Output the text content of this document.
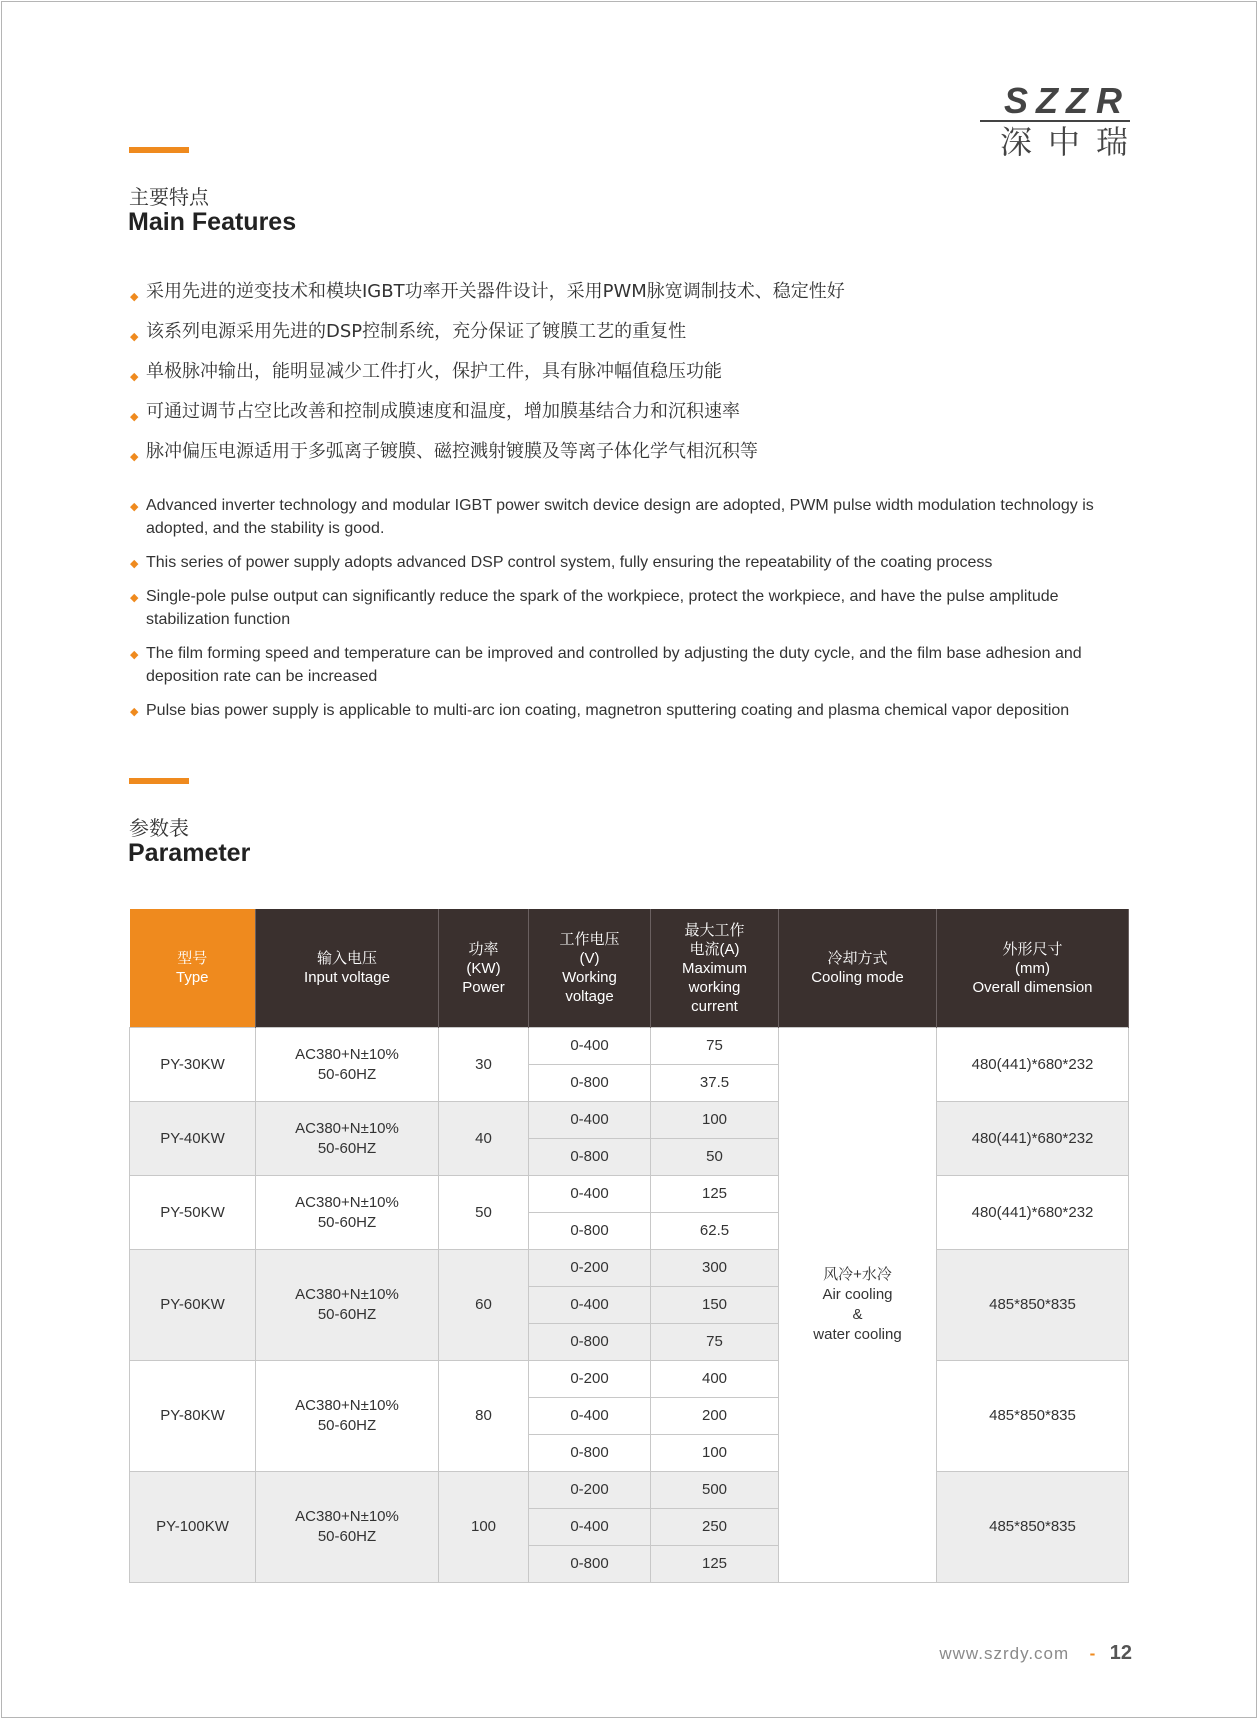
SZZR
深中瑞
主要特点
Main Features
◆ 采用先进的逆变技术和模块IGBT功率开关器件设计，采用PWM脉宽调制技术、稳定性好
◆ 该系列电源采用先进的DSP控制系统，充分保证了镀膜工艺的重复性
◆ 单极脉冲输出，能明显减少工件打火，保护工件，具有脉冲幅值稳压功能
◆ 可通过调节占空比改善和控制成膜速度和温度，增加膜基结合力和沉积速率
◆ 脉冲偏压电源适用于多弧离子镀膜、磁控溅射镀膜及等离子体化学气相沉积等
◆ Advanced inverter technology and modular IGBT power switch device design are adopted, PWM pulse width modulation technology is adopted, and the stability is good.
◆ This series of power supply adopts advanced DSP control system, fully ensuring the repeatability of the coating process
◆ Single-pole pulse output can significantly reduce the spark of the workpiece, protect the workpiece, and have the pulse amplitude stabilization function
◆ The film forming speed and temperature can be improved and controlled by adjusting the duty cycle, and the film base adhesion and deposition rate can be increased
◆ Pulse bias power supply is applicable to multi-arc ion coating, magnetron sputtering coating and plasma chemical vapor deposition
参数表
Parameter
型号
Type	输入电压
Input voltage	功率
(KW)
Power	工作电压
(V)
Working
voltage	最大工作
电流(A)
Maximum
working
current	冷却方式
Cooling mode	外形尺寸
(mm)
Overall dimension

PY-30KW	AC380+N±10%
50-60HZ	30	0-400	75	风冷+水冷
Air cooling
&
water cooling	480(441)*680*232
			0-800	37.5		
PY-40KW	AC380+N±10%
50-60HZ	40	0-400	100		480(441)*680*232
			0-800	50		
PY-50KW	AC380+N±10%
50-60HZ	50	0-400	125		480(441)*680*232
			0-800	62.5		
PY-60KW	AC380+N±10%
50-60HZ	60	0-200	300		485*850*835
			0-400	150		
			0-800	75		
PY-80KW	AC380+N±10%
50-60HZ	80	0-200	400		485*850*835
			0-400	200		
			0-800	100		
PY-100KW	AC380+N±10%
50-60HZ	100	0-200	500		485*850*835
			0-400	250		
			0-800	125		
www.szrdy.com - 12
